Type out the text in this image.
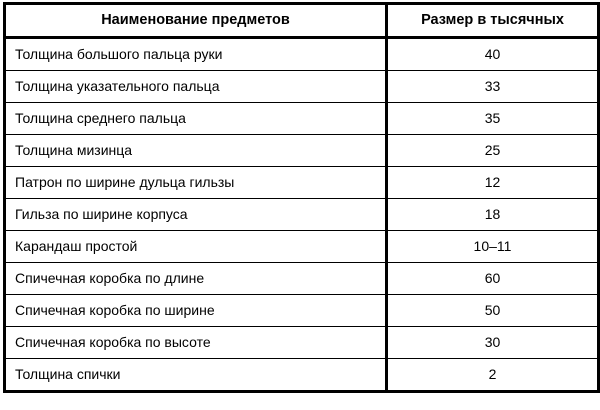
Наименование предметов	Размер в тысячных
Толщина большого пальца руки	40
Толщина указательного пальца	33
Толщина среднего пальца	35
Толщина мизинца	25
Патрон по ширине дульца гильзы	12
Гильза по ширине корпуса	18
Карандаш простой	10–11
Спичечная коробка по длине	60
Спичечная коробка по ширине	50
Спичечная коробка по высоте	30
Толщина спички	2
